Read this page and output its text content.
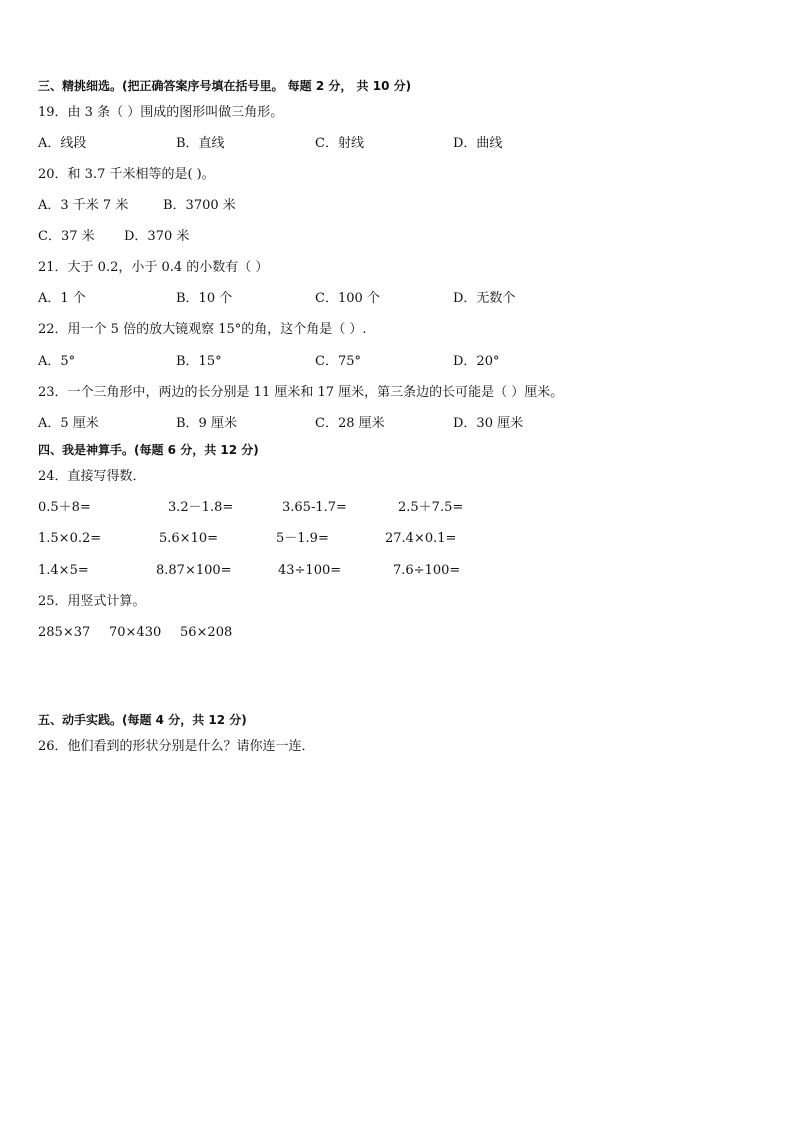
三、精挑细选。(把正确答案序号填在括号里。 每题 2 分， 共 10 分)
19．由 3 条（ ）围成的图形叫做三角形。
A．线段	B．直线	C．射线	D．曲线
20．和 3.7 千米相等的是( )。
A．3 千米 7 米	B．3700 米
C．37 米 D．370 米
21．大于 0.2，小于 0.4 的小数有（ ）
A．1 个	B．10 个	C．100 个	D．无数个
22．用一个 5 倍的放大镜观察 15°的角，这个角是（ ）.
A．5°	B．15°	C．75°	D．20°
23．一个三角形中，两边的长分别是 11 厘米和 17 厘米，第三条边的长可能是（ ）厘米。
A．5 厘米	B．9 厘米	C．28 厘米	D．30 厘米
四、我是神算手。(每题 6 分，共 12 分)
24．直接写得数．
0.5＋8=	3.2－1.8=	3.65-1.7=	2.5＋7.5=
1.5×0.2=	5.6×10=	5－1.9=	27.4×0.1=
1.4×5=	8.87×100=	43÷100=	7.6÷100=
25．用竖式计算。
285×37 70×430 56×208
五、动手实践。(每题 4 分，共 12 分)
26．他们看到的形状分别是什么？请你连一连．
